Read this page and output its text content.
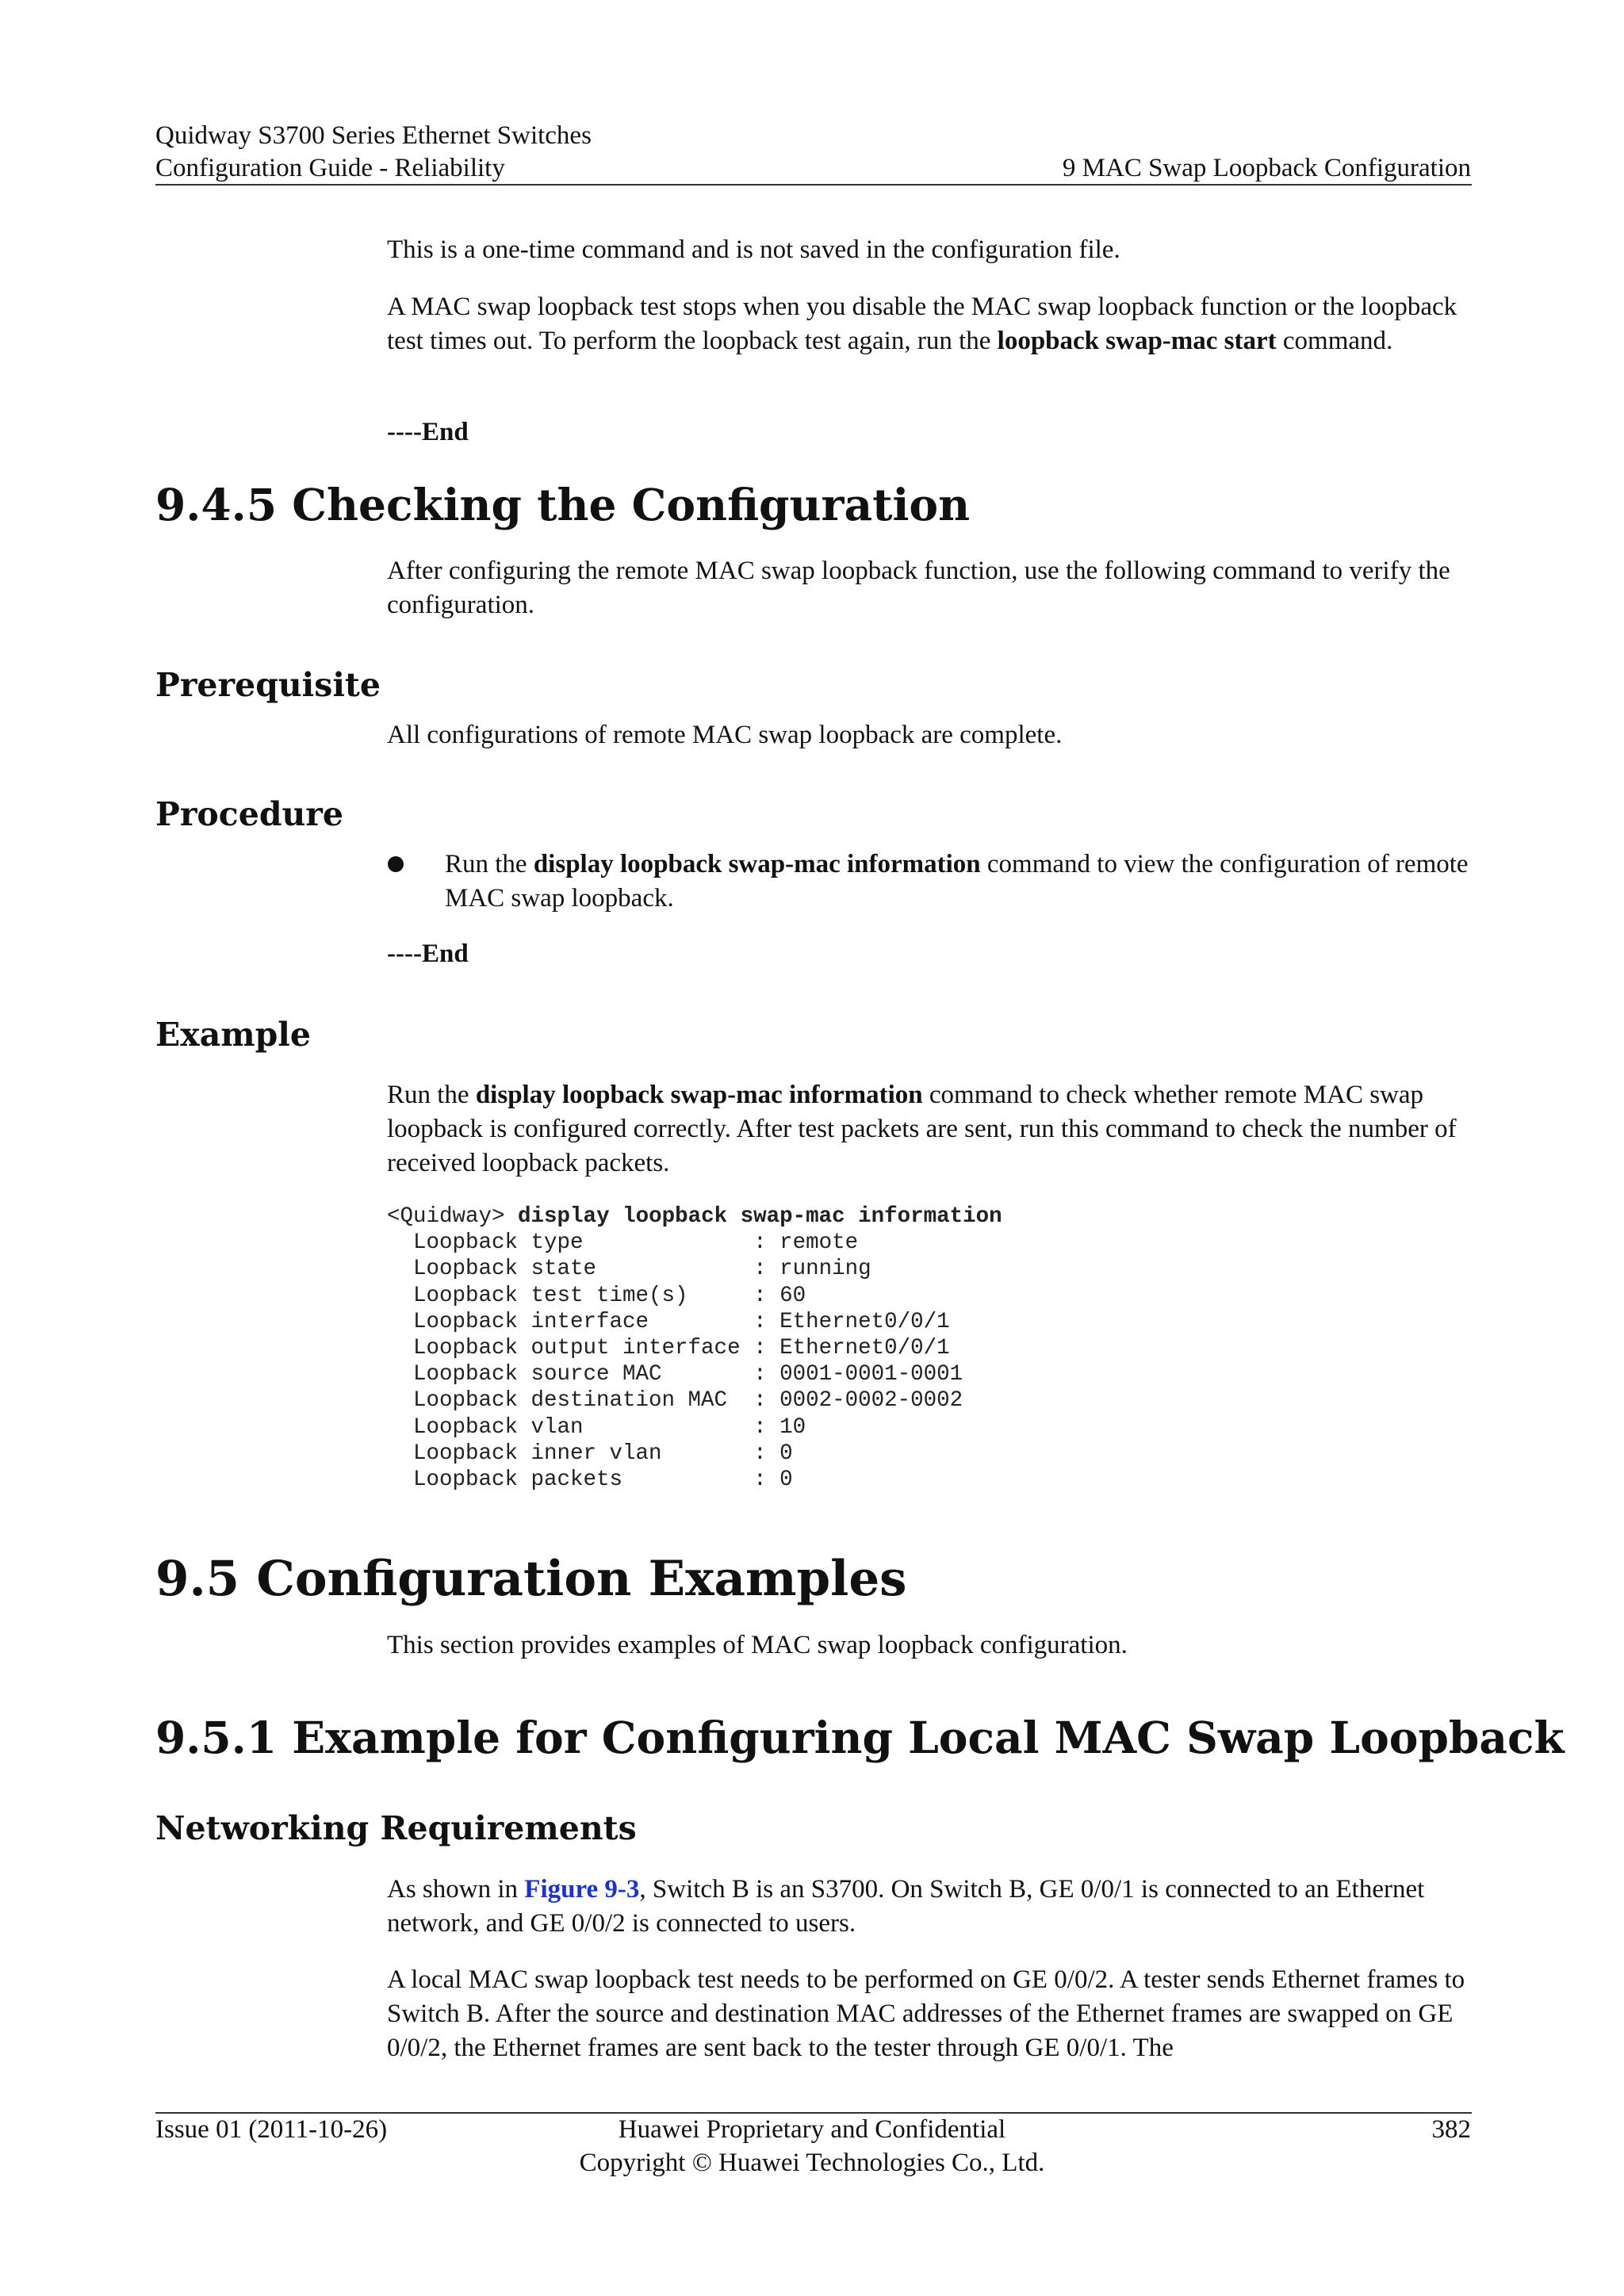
Quidway S3700 Series Ethernet Switches
Configuration Guide - Reliability	9 MAC Swap Loopback Configuration

This is a one-time command and is not saved in the configuration file.

A MAC swap loopback test stops when you disable the MAC swap loopback function or the loopback test times out. To perform the loopback test again, run the loopback swap-mac start command.

----End
9.4.5 Checking the Configuration

After configuring the remote MAC swap loopback function, use the following command to verify the configuration.

Prerequisite

All configurations of remote MAC swap loopback are complete.

Procedure

Run the display loopback swap-mac information command to view the configuration of remote MAC swap loopback.

----End
Example

Run the display loopback swap-mac information command to check whether remote MAC swap loopback is configured correctly. After test packets are sent, run this command to check the number of received loopback packets.

<Quidway> display loopback swap-mac information
Loopback type             : remote
Loopback state            : running
Loopback test time(s)     : 60
Loopback interface        : Ethernet0/0/1
Loopback output interface : Ethernet0/0/1
Loopback source MAC       : 0001-0001-0001
Loopback destination MAC  : 0002-0002-0002
Loopback vlan             : 10
Loopback inner vlan       : 0
Loopback packets          : 0
9.5 Configuration Examples

This section provides examples of MAC swap loopback configuration.

9.5.1 Example for Configuring Local MAC Swap Loopback
Networking Requirements

As shown in Figure 9-3, Switch B is an S3700. On Switch B, GE 0/0/1 is connected to an Ethernet network, and GE 0/0/2 is connected to users.

A local MAC swap loopback test needs to be performed on GE 0/0/2. A tester sends Ethernet frames to Switch B. After the source and destination MAC addresses of the Ethernet frames are swapped on GE 0/0/2, the Ethernet frames are sent back to the tester through GE 0/0/1. The

Issue 01 (2011-10-26)	Huawei Proprietary and Confidential
Copyright © Huawei Technologies Co., Ltd.
382
